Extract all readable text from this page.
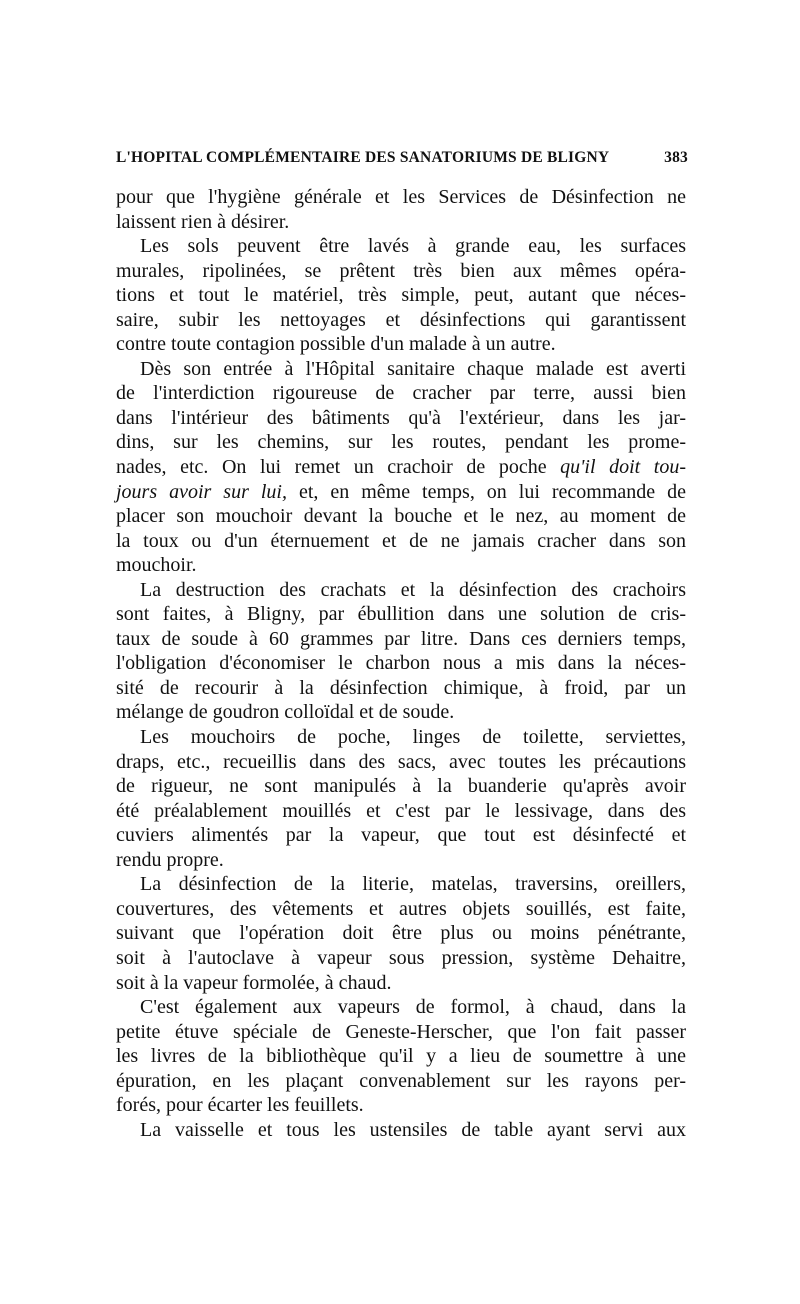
L'HOPITAL COMPLÉMENTAIRE DES SANATORIUMS DE BLIGNY	383
pour que l'hygiène générale et les Services de Désinfection ne
laissent rien à désirer.
Les sols peuvent être lavés à grande eau, les surfaces
murales, ripolinées, se prêtent très bien aux mêmes opéra-
tions et tout le matériel, très simple, peut, autant que néces-
saire, subir les nettoyages et désinfections qui garantissent
contre toute contagion possible d'un malade à un autre.
Dès son entrée à l'Hôpital sanitaire chaque malade est averti
de l'interdiction rigoureuse de cracher par terre, aussi bien
dans l'intérieur des bâtiments qu'à l'extérieur, dans les jar-
dins, sur les chemins, sur les routes, pendant les prome-
nades, etc. On lui remet un crachoir de poche qu'il doit tou-
jours avoir sur lui, et, en même temps, on lui recommande de
placer son mouchoir devant la bouche et le nez, au moment de
la toux ou d'un éternuement et de ne jamais cracher dans son
mouchoir.
La destruction des crachats et la désinfection des crachoirs
sont faites, à Bligny, par ébullition dans une solution de cris-
taux de soude à 60 grammes par litre. Dans ces derniers temps,
l'obligation d'économiser le charbon nous a mis dans la néces-
sité de recourir à la désinfection chimique, à froid, par un
mélange de goudron colloïdal et de soude.
Les mouchoirs de poche, linges de toilette, serviettes,
draps, etc., recueillis dans des sacs, avec toutes les précautions
de rigueur, ne sont manipulés à la buanderie qu'après avoir
été préalablement mouillés et c'est par le lessivage, dans des
cuviers alimentés par la vapeur, que tout est désinfecté et
rendu propre.
La désinfection de la literie, matelas, traversins, oreillers,
couvertures, des vêtements et autres objets souillés, est faite,
suivant que l'opération doit être plus ou moins pénétrante,
soit à l'autoclave à vapeur sous pression, système Dehaitre,
soit à la vapeur formolée, à chaud.
C'est également aux vapeurs de formol, à chaud, dans la
petite étuve spéciale de Geneste-Herscher, que l'on fait passer
les livres de la bibliothèque qu'il y a lieu de soumettre à une
épuration, en les plaçant convenablement sur les rayons per-
forés, pour écarter les feuillets.
La vaisselle et tous les ustensiles de table ayant servi aux
